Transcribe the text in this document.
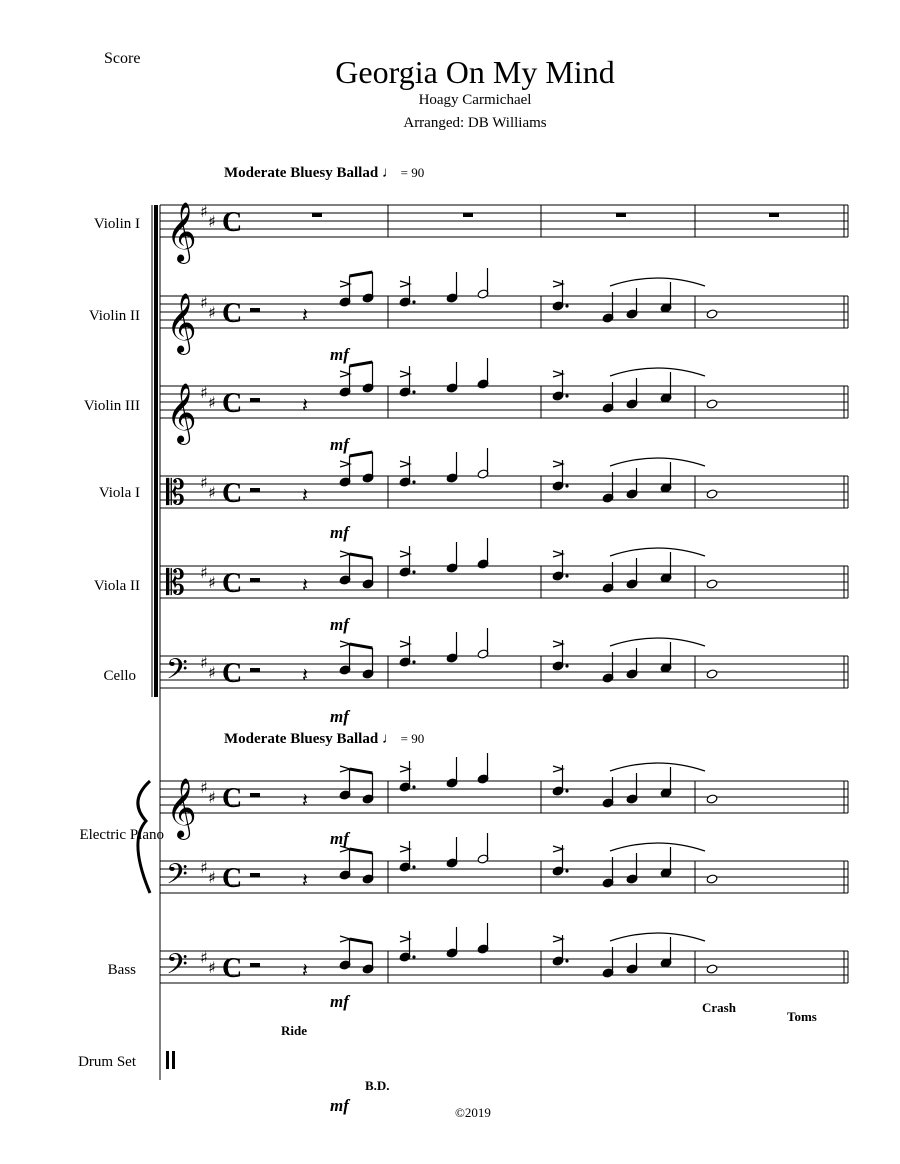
Score	Georgia On My Mind
Hoagy Carmichael
Arranged: DB Williams
Moderate Bluesy Ballad ♩ = 90
Moderate Bluesy Ballad ♩ = 90
Violin I
Violin II
Violin III
Viola I
Viola II
Cello
Electric Piano
Bass
Drum Set
mf
mf
mf
mf
mf
mf
mf
mf
Ride
B.D.
Crash
Toms
©2019
𝄞 ♯
♯ C
𝄞 ♯
♯ C
𝄞 ♯
♯ C
𝄡 ♯
♯ C
𝄡 ♯
♯ C
𝄢 ♯
♯ C
𝄞 ♯
♯ C
𝄢 ♯
♯ C
𝄢 ♯
♯ C
𝄽
𝄽
𝄽
𝄽
𝄽
𝄽
𝄽
𝄽
